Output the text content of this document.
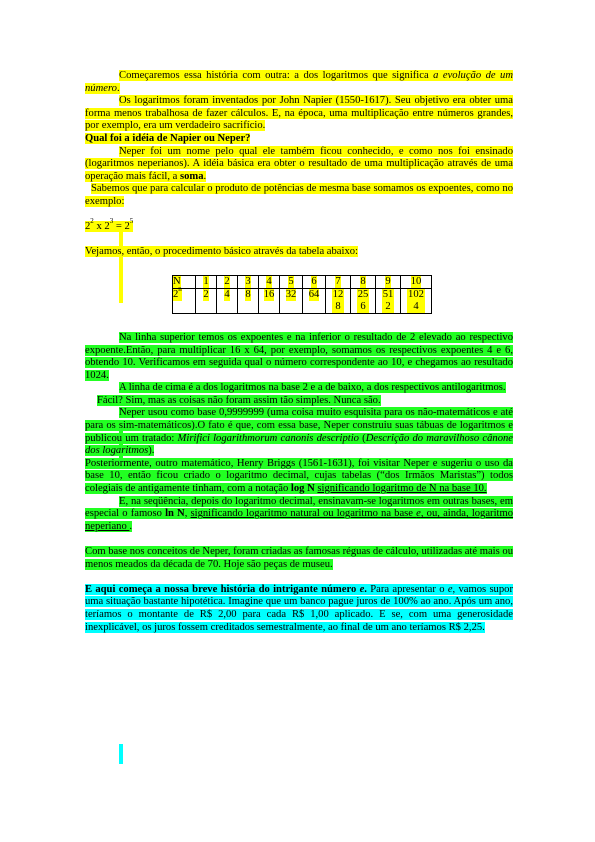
Começaremos essa história com outra: a dos logaritmos que significa a evolução de um número.

Os logaritmos foram inventados por John Napier (1550-1617). Seu objetivo era obter uma forma menos trabalhosa de fazer cálculos. E, na época, uma multiplicação entre números grandes, por exemplo, era um verdadeiro sacrifício.

Qual foi a idéia de Napier ou Neper?

Neper foi um nome pelo qual ele também ficou conhecido, e como nos foi ensinado (logaritmos neperianos). A idéia básica era obter o resultado de uma multiplicação através de uma operação mais fácil, a soma.

Sabemos que para calcular o produto de potências de mesma base somamos os expoentes, como no exemplo:

$2^2$ x $2^3 = 2^5$

Vejamos, então, o procedimento básico através da tabela abaixo:

N	1	2	3	4	5	6	7	8	9	10
2$^n$	2	4	8	16	32	64	128	256	512	1024

Na linha superior temos os expoentes e na inferior o resultado de 2 elevado ao respectivo expoente.Então, para multiplicar 16 x 64, por exemplo, somamos os respectivos expoentes 4 e 6, obtendo 10. Verificamos em seguida qual o número correspondente ao 10, e chegamos ao resultado 1024.

A linha de cima é a dos logaritmos na base 2 e a de baixo, a dos respectivos antilogaritmos.

Fácil? Sim, mas as coisas não foram assim tão simples. Nunca são.

Neper usou como base 0,9999999 (uma coisa muito esquisita para os não-matemáticos e até para os sim-matemáticos).O fato é que, com essa base, Neper construiu suas tábuas de logaritmos e publicou um tratado: Mirifici logarithmorum canonis descriptio (Descrição do maravilhoso cânone dos logaritmos).

Posteriormente, outro matemático, Henry Briggs (1561-1631), foi visitar Neper e sugeriu o uso da base 10, então ficou criado o logaritmo decimal, cujas tabelas (“dos Irmãos Maristas”) todos colegiais de antigamente tinham, com a notação log N significando logaritmo de N na base 10.

E, na seqüência, depois do logaritmo decimal, ensinavam-se logaritmos em outras bases, em especial o famoso ln N, significando logaritmo natural ou logaritmo na base e, ou, ainda, logaritmo neperiano .

Com base nos conceitos de Neper, foram criadas as famosas réguas de cálculo, utilizadas até mais ou menos meados da década de 70. Hoje são peças de museu.

E aqui começa a nossa breve história do intrigante número e. Para apresentar o e, vamos supor uma situação bastante hipotética. Imagine que um banco pague juros de 100% ao ano. Após um ano, teríamos o montante de R$ 2,00 para cada R$ 1,00 aplicado. E se, com uma generosidade inexplicável, os juros fossem creditados semestralmente, ao final de um ano teríamos R$ 2,25.
